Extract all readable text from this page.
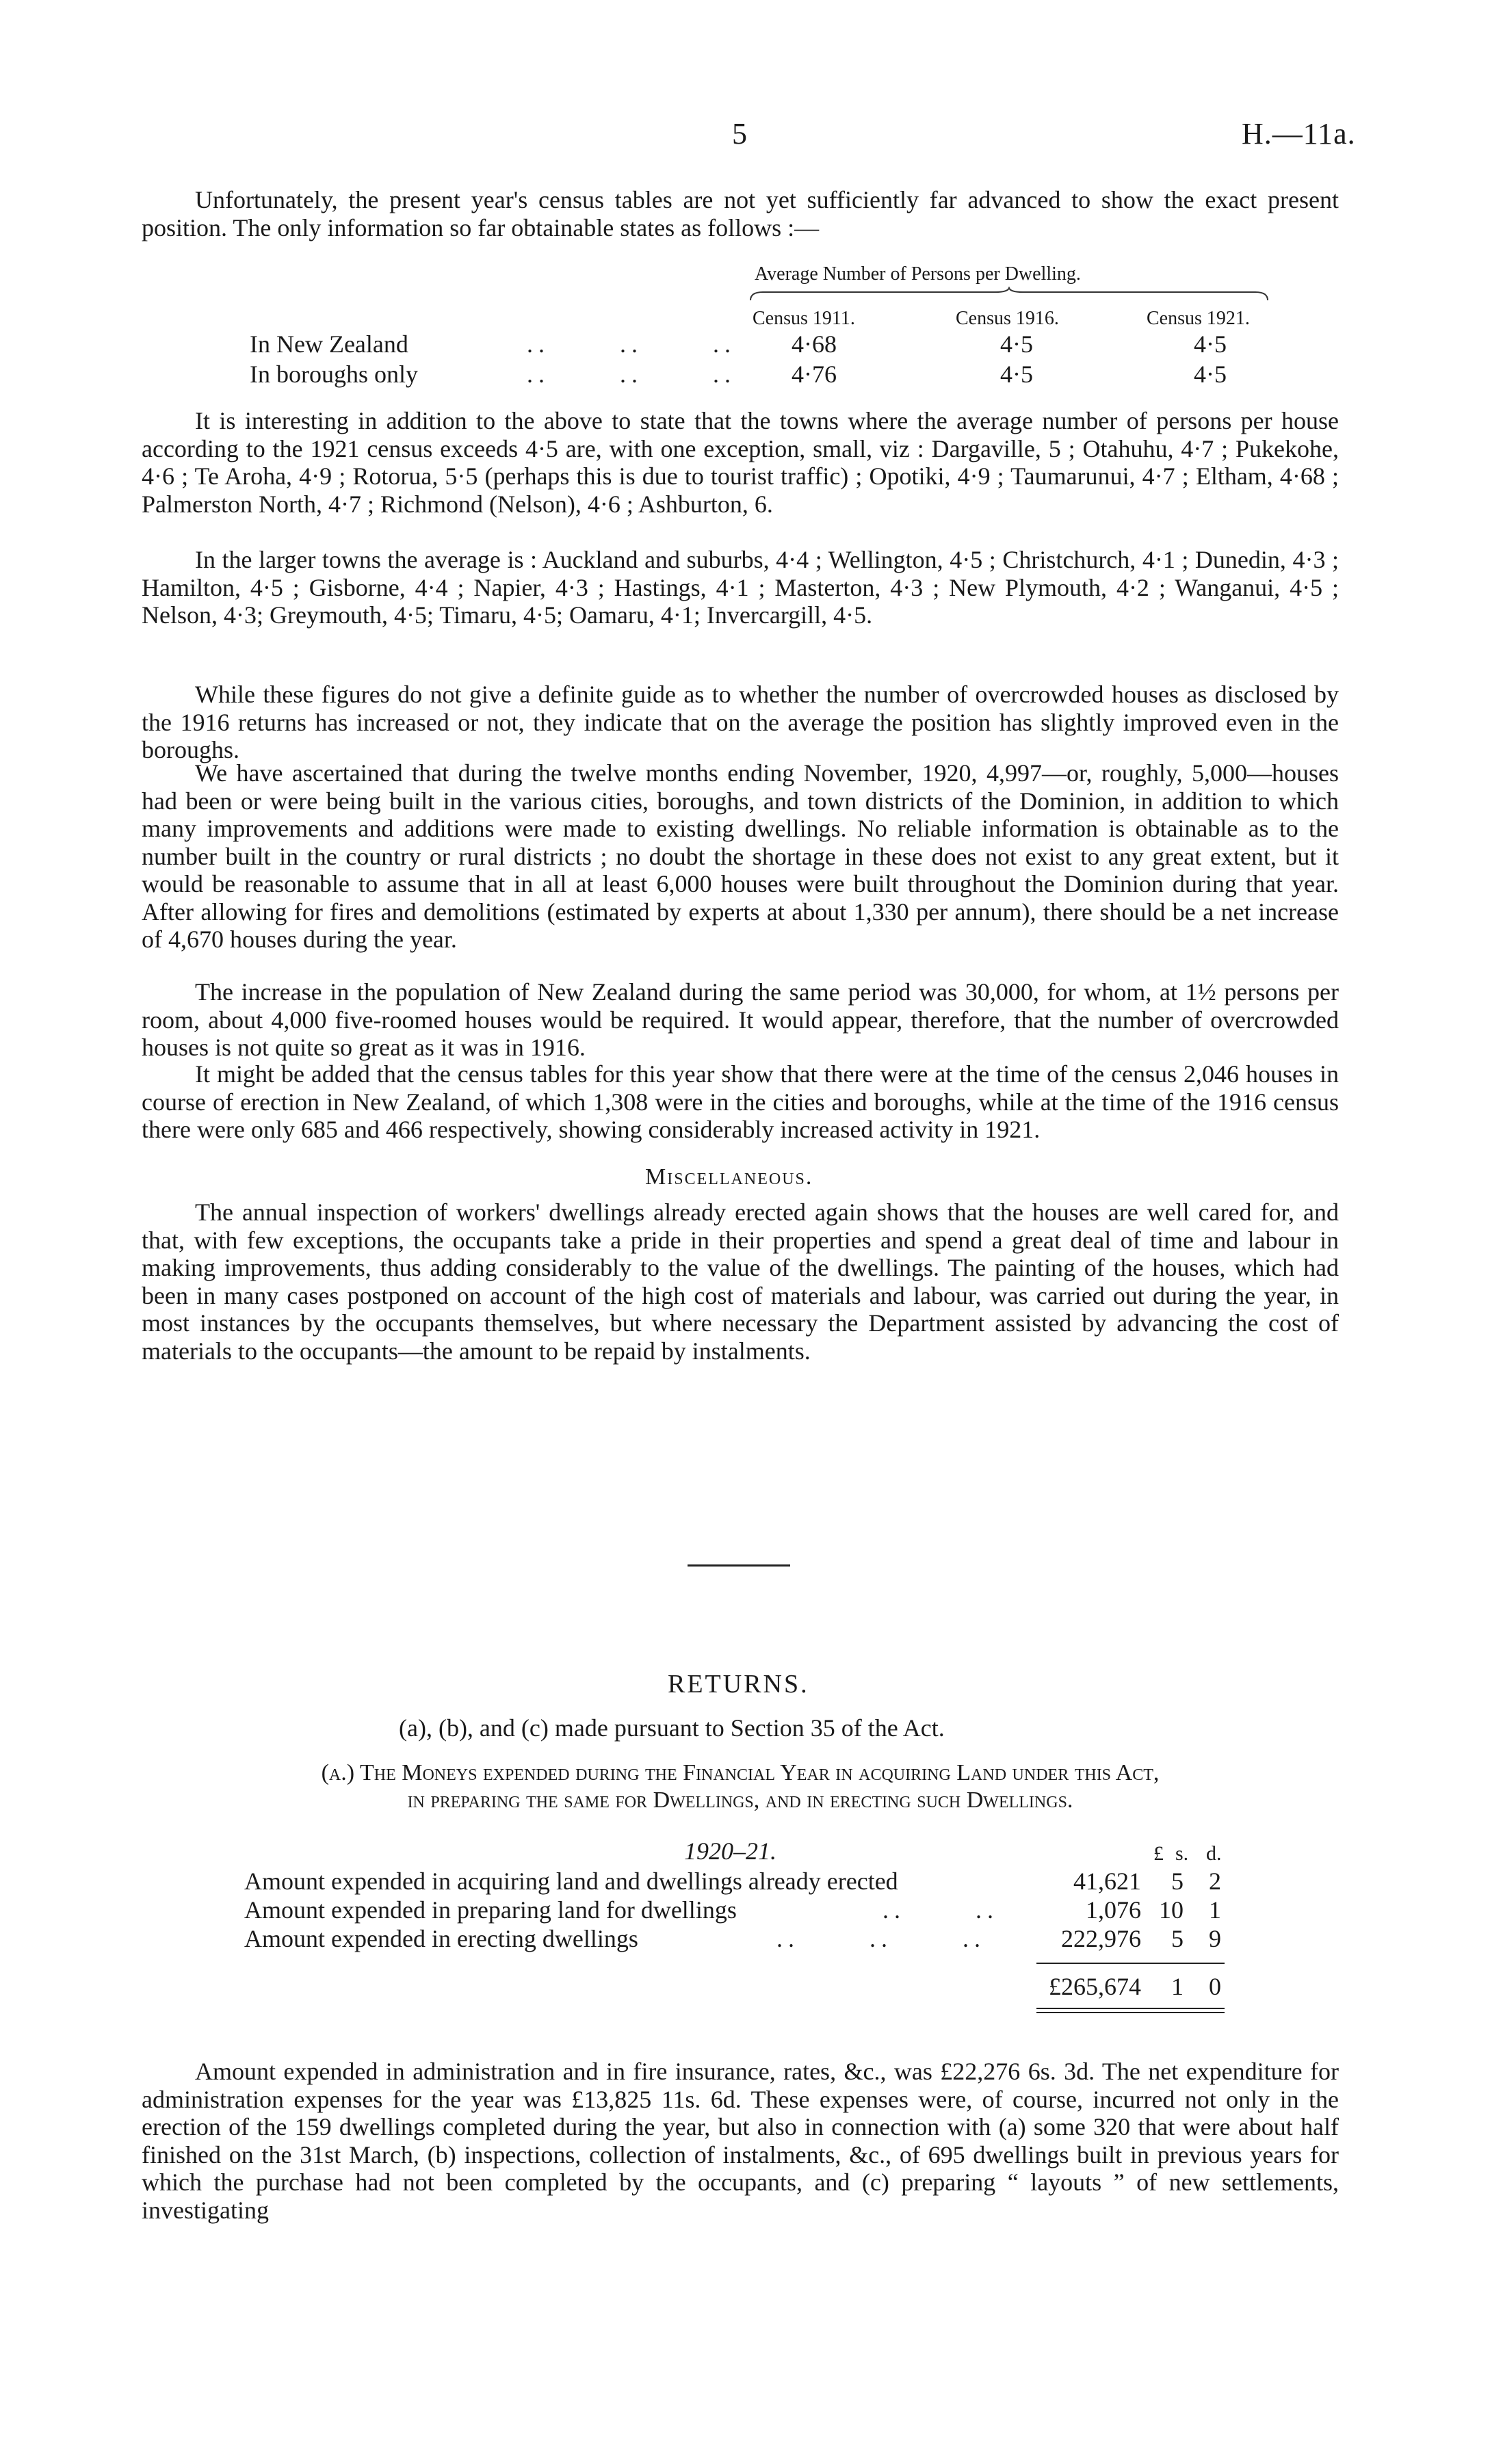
5	H.—11a.
Unfortunately, the present year's census tables are not yet sufficiently far advanced to show the exact present position. The only information so far obtainable states as follows :—
Average Number of Persons per Dwelling.
Census 1911.	Census 1916.	Census 1921.
In New Zealand	..      ..      .. 4·68	4·5	4·5
In boroughs only	..      ..      .. 4·76	4·5	4·5
It is interesting in addition to the above to state that the towns where the average number of persons per house according to the 1921 census exceeds 4·5 are, with one exception, small, viz : Dargaville, 5 ; Otahuhu, 4·7 ; Pukekohe, 4·6 ; Te Aroha, 4·9 ; Rotorua, 5·5 (perhaps this is due to tourist traffic) ; Opotiki, 4·9 ; Taumarunui, 4·7 ; Eltham, 4·68 ; Palmerston North, 4·7 ; Richmond (Nelson), 4·6 ; Ashburton, 6.
In the larger towns the average is : Auckland and suburbs, 4·4 ; Wellington, 4·5 ; Christchurch, 4·1 ; Dunedin, 4·3 ; Hamilton, 4·5 ; Gisborne, 4·4 ; Napier, 4·3 ; Hastings, 4·1 ; Masterton, 4·3 ; New Plymouth, 4·2 ; Wanganui, 4·5 ; Nelson, 4·3; Greymouth, 4·5; Timaru, 4·5; Oamaru, 4·1; Invercargill, 4·5.
While these figures do not give a definite guide as to whether the number of overcrowded houses as disclosed by the 1916 returns has increased or not, they indicate that on the average the position has slightly improved even in the boroughs.
We have ascertained that during the twelve months ending November, 1920, 4,997—or, roughly, 5,000—houses had been or were being built in the various cities, boroughs, and town districts of the Dominion, in addition to which many improvements and additions were made to existing dwellings. No reliable information is obtainable as to the number built in the country or rural districts ; no doubt the shortage in these does not exist to any great extent, but it would be reasonable to assume that in all at least 6,000 houses were built throughout the Dominion during that year. After allowing for fires and demolitions (estimated by experts at about 1,330 per annum), there should be a net increase of 4,670 houses during the year.
The increase in the population of New Zealand during the same period was 30,000, for whom, at 1½ persons per room, about 4,000 five-roomed houses would be required. It would appear, therefore, that the number of overcrowded houses is not quite so great as it was in 1916.
It might be added that the census tables for this year show that there were at the time of the census 2,046 houses in course of erection in New Zealand, of which 1,308 were in the cities and boroughs, while at the time of the 1916 census there were only 685 and 466 respectively, showing considerably increased activity in 1921.
Miscellaneous.
The annual inspection of workers' dwellings already erected again shows that the houses are well cared for, and that, with few exceptions, the occupants take a pride in their properties and spend a great deal of time and labour in making improvements, thus adding considerably to the value of the dwellings. The painting of the houses, which had been in many cases postponed on account of the high cost of materials and labour, was carried out during the year, in most instances by the occupants themselves, but where necessary the Department assisted by advancing the cost of materials to the occupants—the amount to be repaid by instalments.
RETURNS.
(a), (b), and (c) made pursuant to Section 35 of the Act.
(a.) The Moneys expended during the Financial Year in acquiring Land under this Act,
in preparing the same for Dwellings, and in erecting such Dwellings.
1920–21.	£ s. d.
Amount expended in acquiring land and dwellings already erected	41,621	5	2
Amount expended in preparing land for dwellings	..      ..	1,076 10	1
Amount expended in erecting dwellings	..      ..      ..	222,976	5	9
£265,674	1	0
Amount expended in administration and in fire insurance, rates, &c., was £22,276 6s. 3d. The net expenditure for administration expenses for the year was £13,825 11s. 6d. These expenses were, of course, incurred not only in the erection of the 159 dwellings completed during the year, but also in connection with (a) some 320 that were about half finished on the 31st March, (b) inspections, collection of instalments, &c., of 695 dwellings built in previous years for which the purchase had not been completed by the occupants, and (c) preparing “ layouts ” of new settlements, investigating
